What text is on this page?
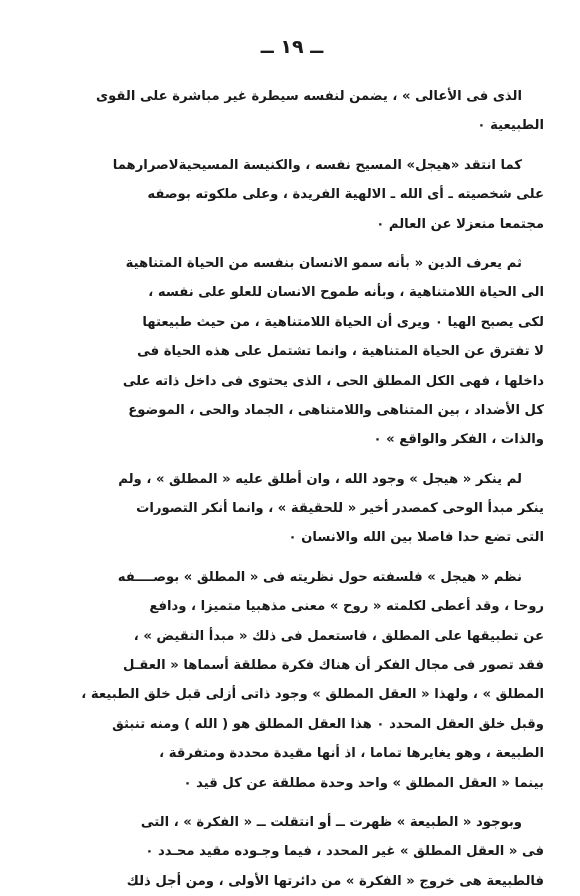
ــ ١٩ ــ
الذى فى الأعالى » ، يضمن لنفسه سيطرة غير مباشرة على القوى
الطبيعية ٠
كما انتقد «هيجل» المسيح نفسه ، والكنيسة المسيحيةلاصرارهما
على شخصيته ـ أى الله ـ الالهية الفريدة ، وعلى ملكوته بوصفه
مجتمعا منعزلا عن العالم ٠
ثم يعرف الدين « بأنه سمو الانسان بنفسه من الحياة المتناهية
الى الحياة اللامتناهية ، وبأنه طموح الانسان للعلو على نفسه ،
لكى يصبح الهيا ٠ ويرى أن الحياة اللامتناهية ، من حيث طبيعتها
لا تفترق عن الحياة المتناهية ، وانما تشتمل على هذه الحياة فى
داخلها ، فهى الكل المطلق الحى ، الذى يحتوى فى داخل ذاته على
كل الأضداد ، بين المتناهى واللامتناهى ، الجماد والحى ، الموضوع
والذات ، الفكر والواقع » ٠
لم ينكر « هيجل » وجود الله ، وان أطلق عليه « المطلق » ، ولم
ينكر مبدأ الوحى كمصدر أخير « للحقيقة » ، وانما أنكر التصورات
التى تضع حدا فاصلا بين الله والانسان ٠
نظم « هيجل » فلسفته حول نظريته فى « المطلق » بوصــــفه
روحا ، وقد أعطى لكلمته « روح » معنى مذهبيا متميزا ، ودافع
عن تطبيقها على المطلق ، فاستعمل فى ذلك « مبدأ النقيض » ،
فقد تصور فى مجال الفكر أن هناك فكرة مطلقة أسماها « العقـل
المطلق » ، ولهذا « العقل المطلق » وجود ذاتى أزلى قبل خلق الطبيعة ،
وقبل خلق العقل المحدد ٠ هذا العقل المطلق هو ( الله ) ومنه تنبثق
الطبيعة ، وهو يغايرها تماما ، اذ أنها مقيدة محددة ومتفرقة ،
بينما « العقل المطلق » واحد وحدة مطلقة عن كل قيد ٠
وبوجود « الطبيعة » ظهرت ــ أو انتقلت ــ « الفكرة » ، التى
فى « العقل المطلق » غير المحدد ، فيما وجـوده مقيد محـدد ٠
فالطبيعة هى خروج « الفكرة » من دائرتها الأولى ، ومن أجل ذلك
